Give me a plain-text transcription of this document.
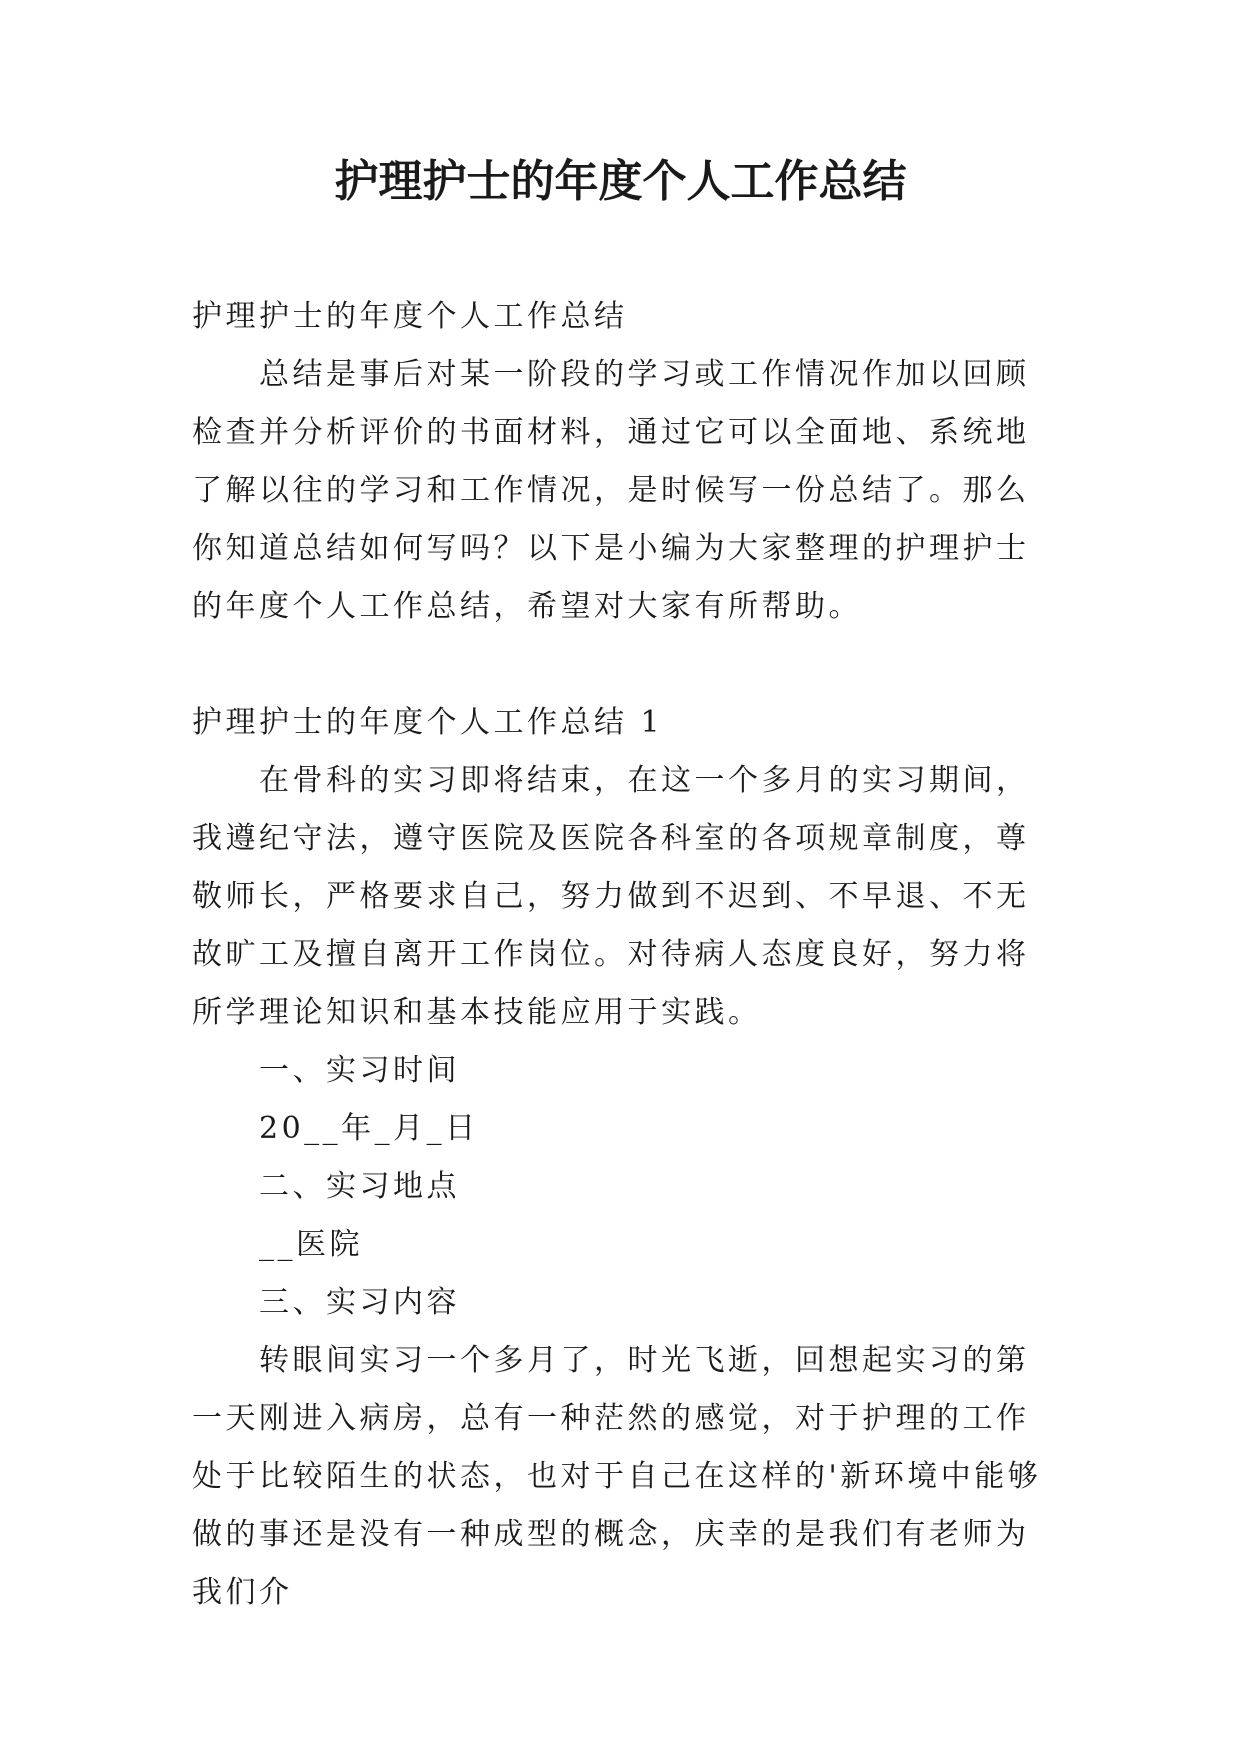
护理护士的年度个人工作总结

护理护士的年度个人工作总结

总结是事后对某一阶段的学习或工作情况作加以回顾检查并分析评价的书面材料，通过它可以全面地、系统地了解以往的学习和工作情况，是时候写一份总结了。那么你知道总结如何写吗？以下是小编为大家整理的护理护士的年度个人工作总结，希望对大家有所帮助。

护理护士的年度个人工作总结 1

在骨科的实习即将结束，在这一个多月的实习期间，我遵纪守法，遵守医院及医院各科室的各项规章制度，尊敬师长，严格要求自己，努力做到不迟到、不早退、不无故旷工及擅自离开工作岗位。对待病人态度良好，努力将所学理论知识和基本技能应用于实践。

一、实习时间

20__年_月_日

二、实习地点

__医院

三、实习内容

转眼间实习一个多月了，时光飞逝，回想起实习的第一天刚进入病房，总有一种茫然的感觉，对于护理的工作处于比较陌生的状态，也对于自己在这样的'新环境中能够做的事还是没有一种成型的概念，庆幸的是我们有老师为我们介
